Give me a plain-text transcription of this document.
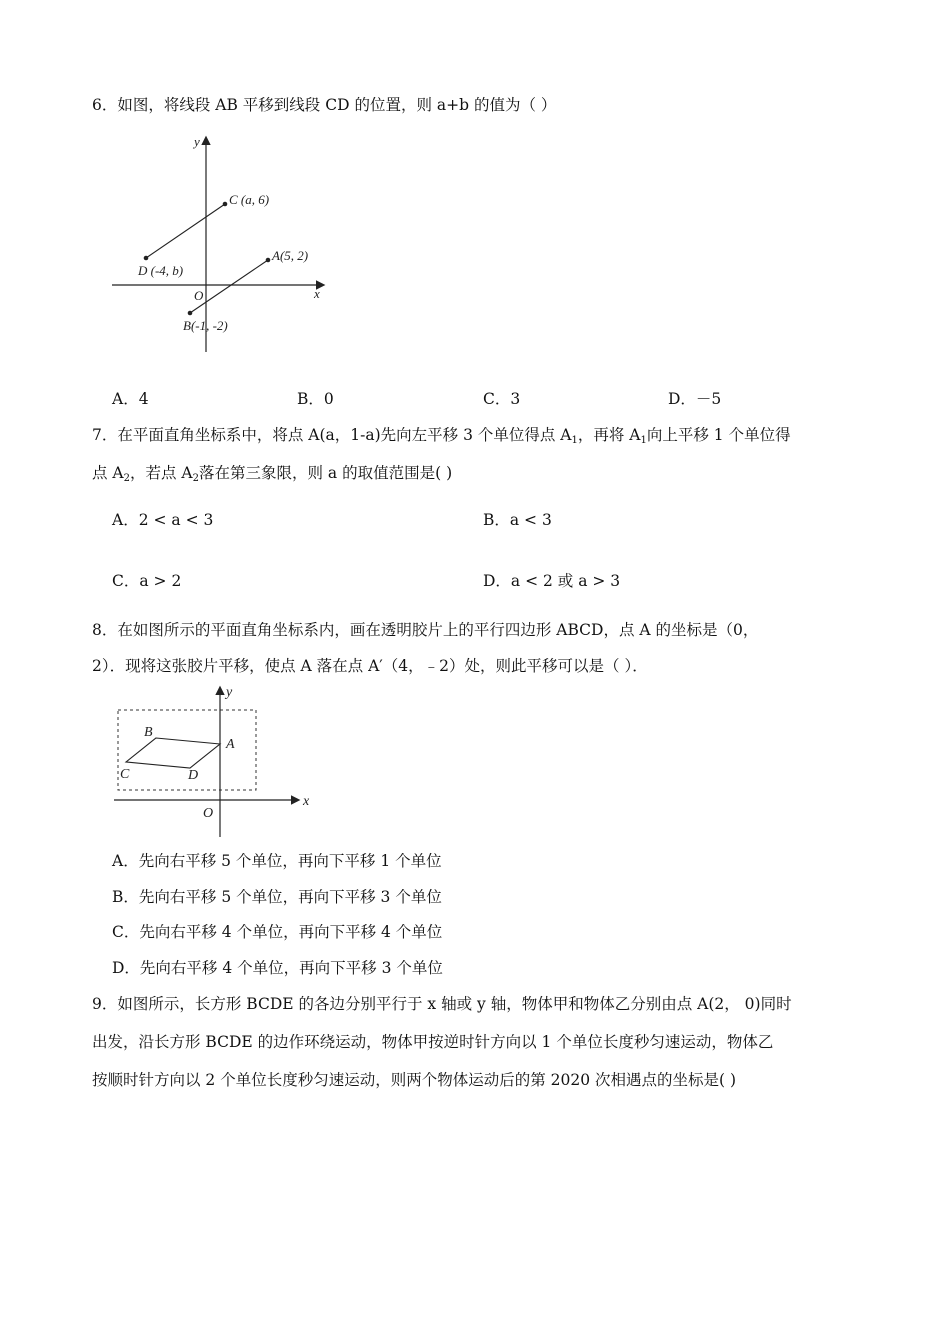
6．如图，将线段 AB 平移到线段 CD 的位置，则 a+b 的值为（ ）
y
x
O
C (a, 6)
D (-4, b)
A(5, 2)
B(-1, -2)
A．4	B．0	C．3	D．－5
7．在平面直角坐标系中，将点 A(a，1-a)先向左平移 3 个单位得点 $A_1$，再将 $A_1$向上平移 1 个单位得
点 $A_2$，若点 $A_2$落在第三象限，则 a 的取值范围是( )
A．2 < a < 3	B．a < 3
C．a > 2	D．a < 2 或 a > 3
8．在如图所示的平面直角坐标系内，画在透明胶片上的平行四边形 ABCD，点 A 的坐标是（0，
2）．现将这张胶片平移，使点 A 落在点 A′（4，﹣2）处，则此平移可以是（ ）．
y
x
O
A
B
C	D
A．先向右平移 5 个单位，再向下平移 1 个单位
B．先向右平移 5 个单位，再向下平移 3 个单位
C．先向右平移 4 个单位，再向下平移 4 个单位
D．先向右平移 4 个单位，再向下平移 3 个单位
9．如图所示，长方形 BCDE 的各边分别平行于 x 轴或 y 轴，物体甲和物体乙分别由点 A(2， 0)同时
出发，沿长方形 BCDE 的边作环绕运动，物体甲按逆时针方向以 1 个单位长度秒匀速运动，物体乙
按顺时针方向以 2 个单位长度秒匀速运动，则两个物体运动后的第 2020 次相遇点的坐标是( )
